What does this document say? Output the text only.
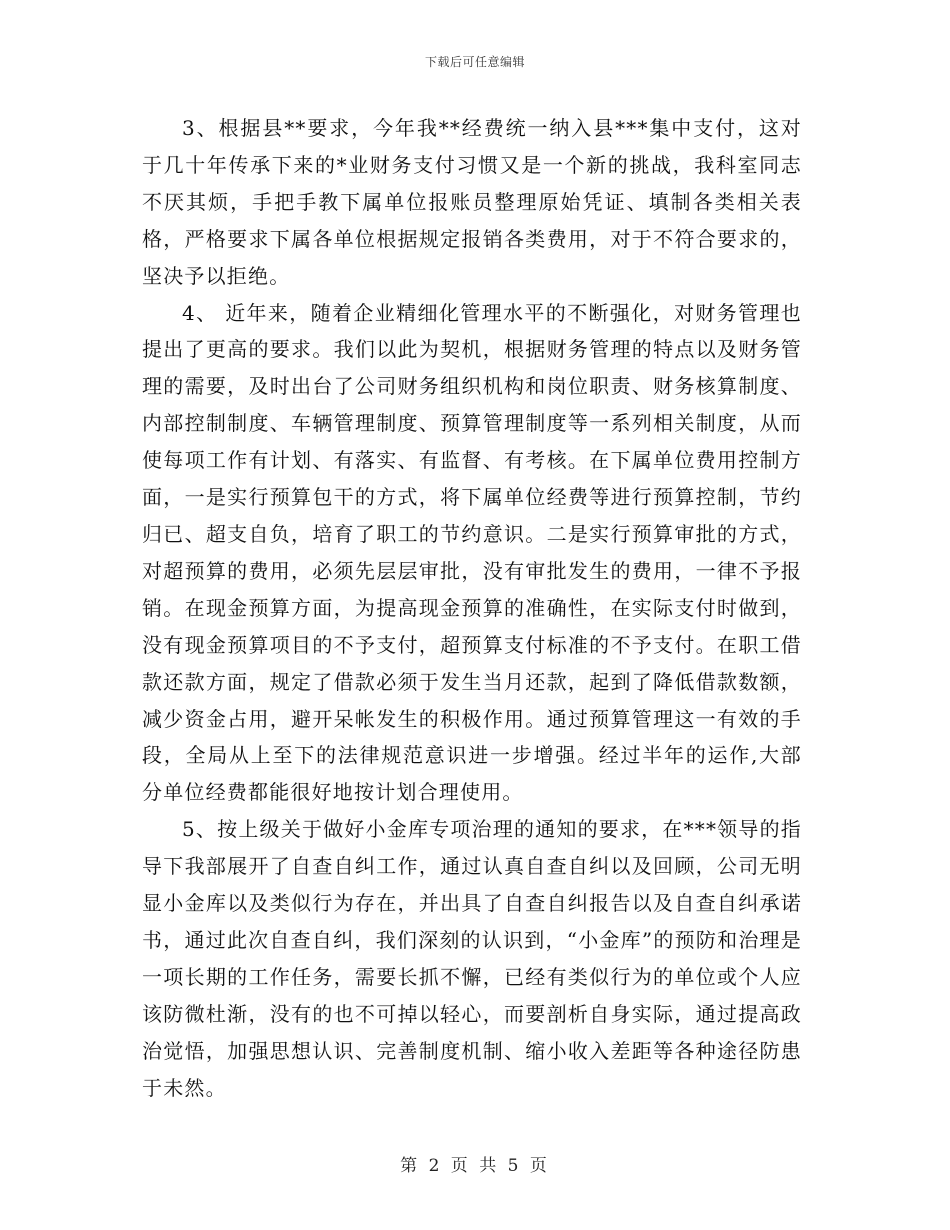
下载后可任意编辑

3、根据县**要求，今年我**经费统一纳入县***集中支付，这对于几十年传承下来的*业财务支付习惯又是一个新的挑战，我科室同志不厌其烦，手把手教下属单位报账员整理原始凭证、填制各类相关表格，严格要求下属各单位根据规定报销各类费用，对于不符合要求的，坚决予以拒绝。

4、 近年来，随着企业精细化管理水平的不断强化，对财务管理也提出了更高的要求。我们以此为契机，根据财务管理的特点以及财务管理的需要，及时出台了公司财务组织机构和岗位职责、财务核算制度、内部控制制度、车辆管理制度、预算管理制度等一系列相关制度，从而使每项工作有计划、有落实、有监督、有考核。在下属单位费用控制方面，一是实行预算包干的方式，将下属单位经费等进行预算控制，节约归已、超支自负，培育了职工的节约意识。二是实行预算审批的方式，对超预算的费用，必须先层层审批，没有审批发生的费用，一律不予报销。在现金预算方面，为提高现金预算的准确性，在实际支付时做到，没有现金预算项目的不予支付，超预算支付标准的不予支付。在职工借款还款方面，规定了借款必须于发生当月还款，起到了降低借款数额，减少资金占用，避开呆帐发生的积极作用。通过预算管理这一有效的手段，全局从上至下的法律规范意识进一步增强。经过半年的运作,大部分单位经费都能很好地按计划合理使用。

5、按上级关于做好小金库专项治理的通知的要求，在***领导的指导下我部展开了自查自纠工作，通过认真自查自纠以及回顾，公司无明显小金库以及类似行为存在，并出具了自查自纠报告以及自查自纠承诺书，通过此次自查自纠，我们深刻的认识到，“小金库”的预防和治理是一项长期的工作任务，需要长抓不懈，已经有类似行为的单位或个人应该防微杜渐，没有的也不可掉以轻心，而要剖析自身实际，通过提高政治觉悟，加强思想认识、完善制度机制、缩小收入差距等各种途径防患于未然。

第 2 页 共 5 页
